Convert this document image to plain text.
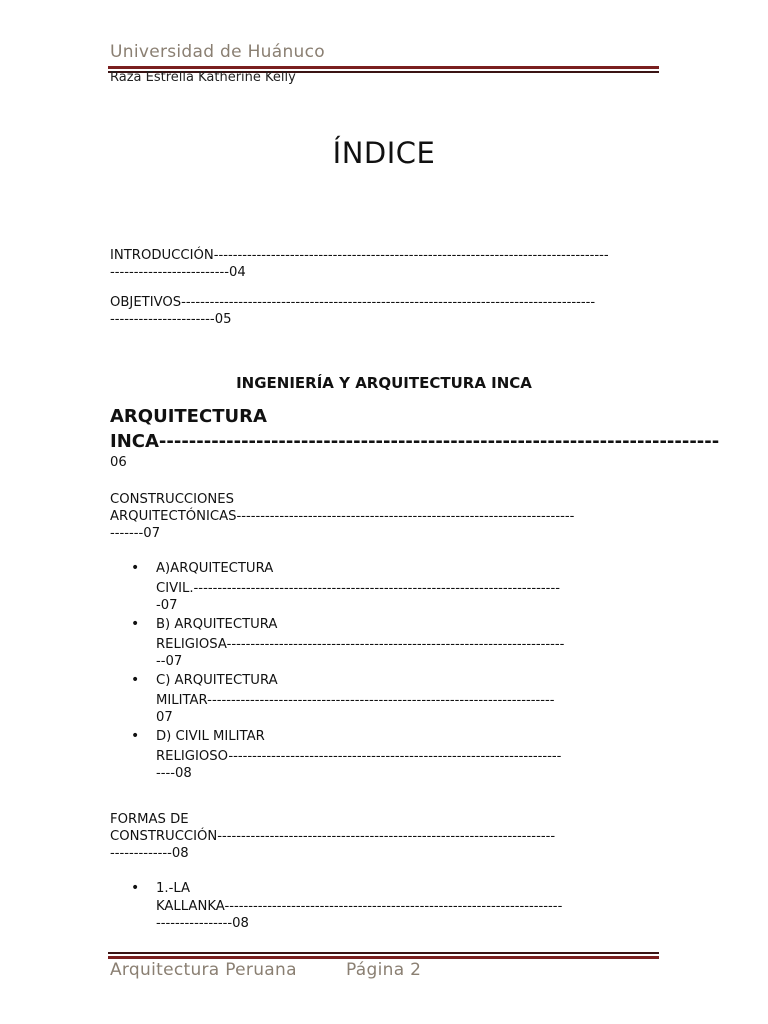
Universidad de Huánuco
Raza Estrella Katherine Kelly
ÍNDICE

INTRODUCCIÓN-----------------------------------------------------------------------------------

-------------------------04

OBJETIVOS---------------------------------------------------------------------------------------

----------------------05

INGENIERÍA Y ARQUITECTURA INCA
ARQUITECTURA
INCA---------------------------------------------------------------------------
06

CONSTRUCCIONES

ARQUITECTÓNICAS-----------------------------------------------------------------------

-------07

• A)ARQUITECTURA

CIVIL.-----------------------------------------------------------------------------

-07

• B) ARQUITECTURA

RELIGIOSA-----------------------------------------------------------------------

--07

• C) ARQUITECTURA

MILITAR-------------------------------------------------------------------------

07

• D) CIVIL MILITAR

RELIGIOSO----------------------------------------------------------------------

----08

FORMAS DE

CONSTRUCCIÓN-----------------------------------------------------------------------

-------------08

• 1.-LA

KALLANKA-----------------------------------------------------------------------

----------------08

Arquitectura Peruana	Página 2
